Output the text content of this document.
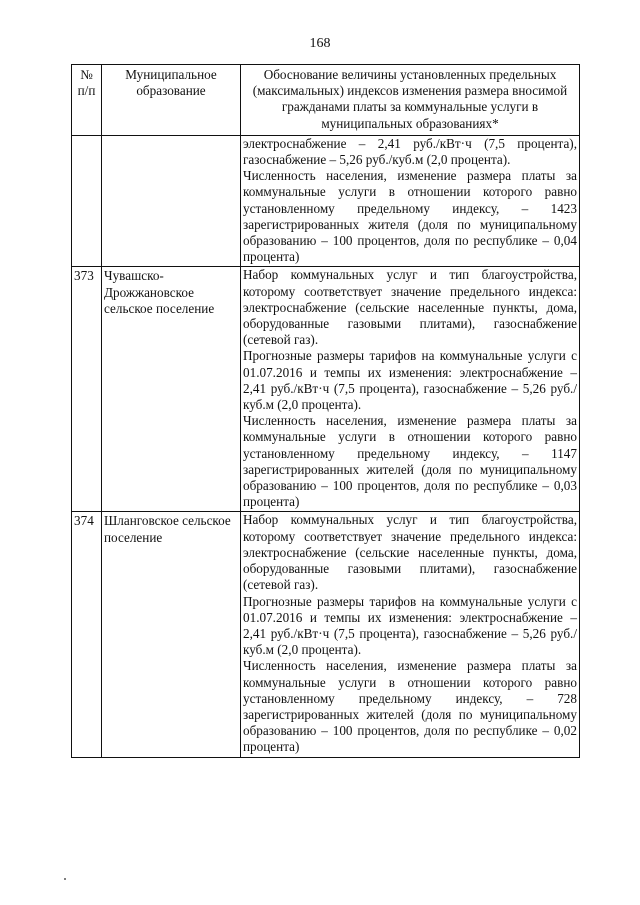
168
№ п/п	Муниципальное образование	Обоснование величины установленных предельных (максимальных) индексов изменения размера вносимой гражданами платы за коммунальные услуги в муниципальных образованиях*

		электроснабжение – 2,41 руб./кВт·ч (7,5 процента), газоснабжение – 5,26 руб./куб.м (2,0 процента).
Численность населения, изменение размера платы за коммунальные услуги в отношении которого равно установленному предельному индексу, – 1423 зарегистрированных жителя (доля по муниципальному образованию – 100 процентов, доля по республике – 0,04 процента)

373	Чувашско-Дрожжановское сельское поселение	Набор коммунальных услуг и тип благоустройства, которому соответствует значение предельного индекса: электроснабжение (сельские населенные пункты, дома, оборудованные газовыми плитами), газоснабжение (сетевой газ).
Прогнозные размеры тарифов на коммунальные услуги с 01.07.2016 и темпы их изменения: электроснабжение – 2,41 руб./кВт·ч (7,5 процента), газоснабжение – 5,26 руб./куб.м (2,0 процента).
Численность населения, изменение размера платы за коммунальные услуги в отношении которого равно установленному предельному индексу, – 1147 зарегистрированных жителей (доля по муниципальному образованию – 100 процентов, доля по республике – 0,03 процента)

374	Шланговское сельское поселение	Набор коммунальных услуг и тип благоустройства, которому соответствует значение предельного индекса: электроснабжение (сельские населенные пункты, дома, оборудованные газовыми плитами), газоснабжение (сетевой газ).
Прогнозные размеры тарифов на коммунальные услуги с 01.07.2016 и темпы их изменения: электроснабжение – 2,41 руб./кВт·ч (7,5 процента), газоснабжение – 5,26 руб./куб.м (2,0 процента).
Численность населения, изменение размера платы за коммунальные услуги в отношении которого равно установленному предельному индексу, – 728 зарегистрированных жителей (доля по муниципальному образованию – 100 процентов, доля по республике – 0,02 процента)
